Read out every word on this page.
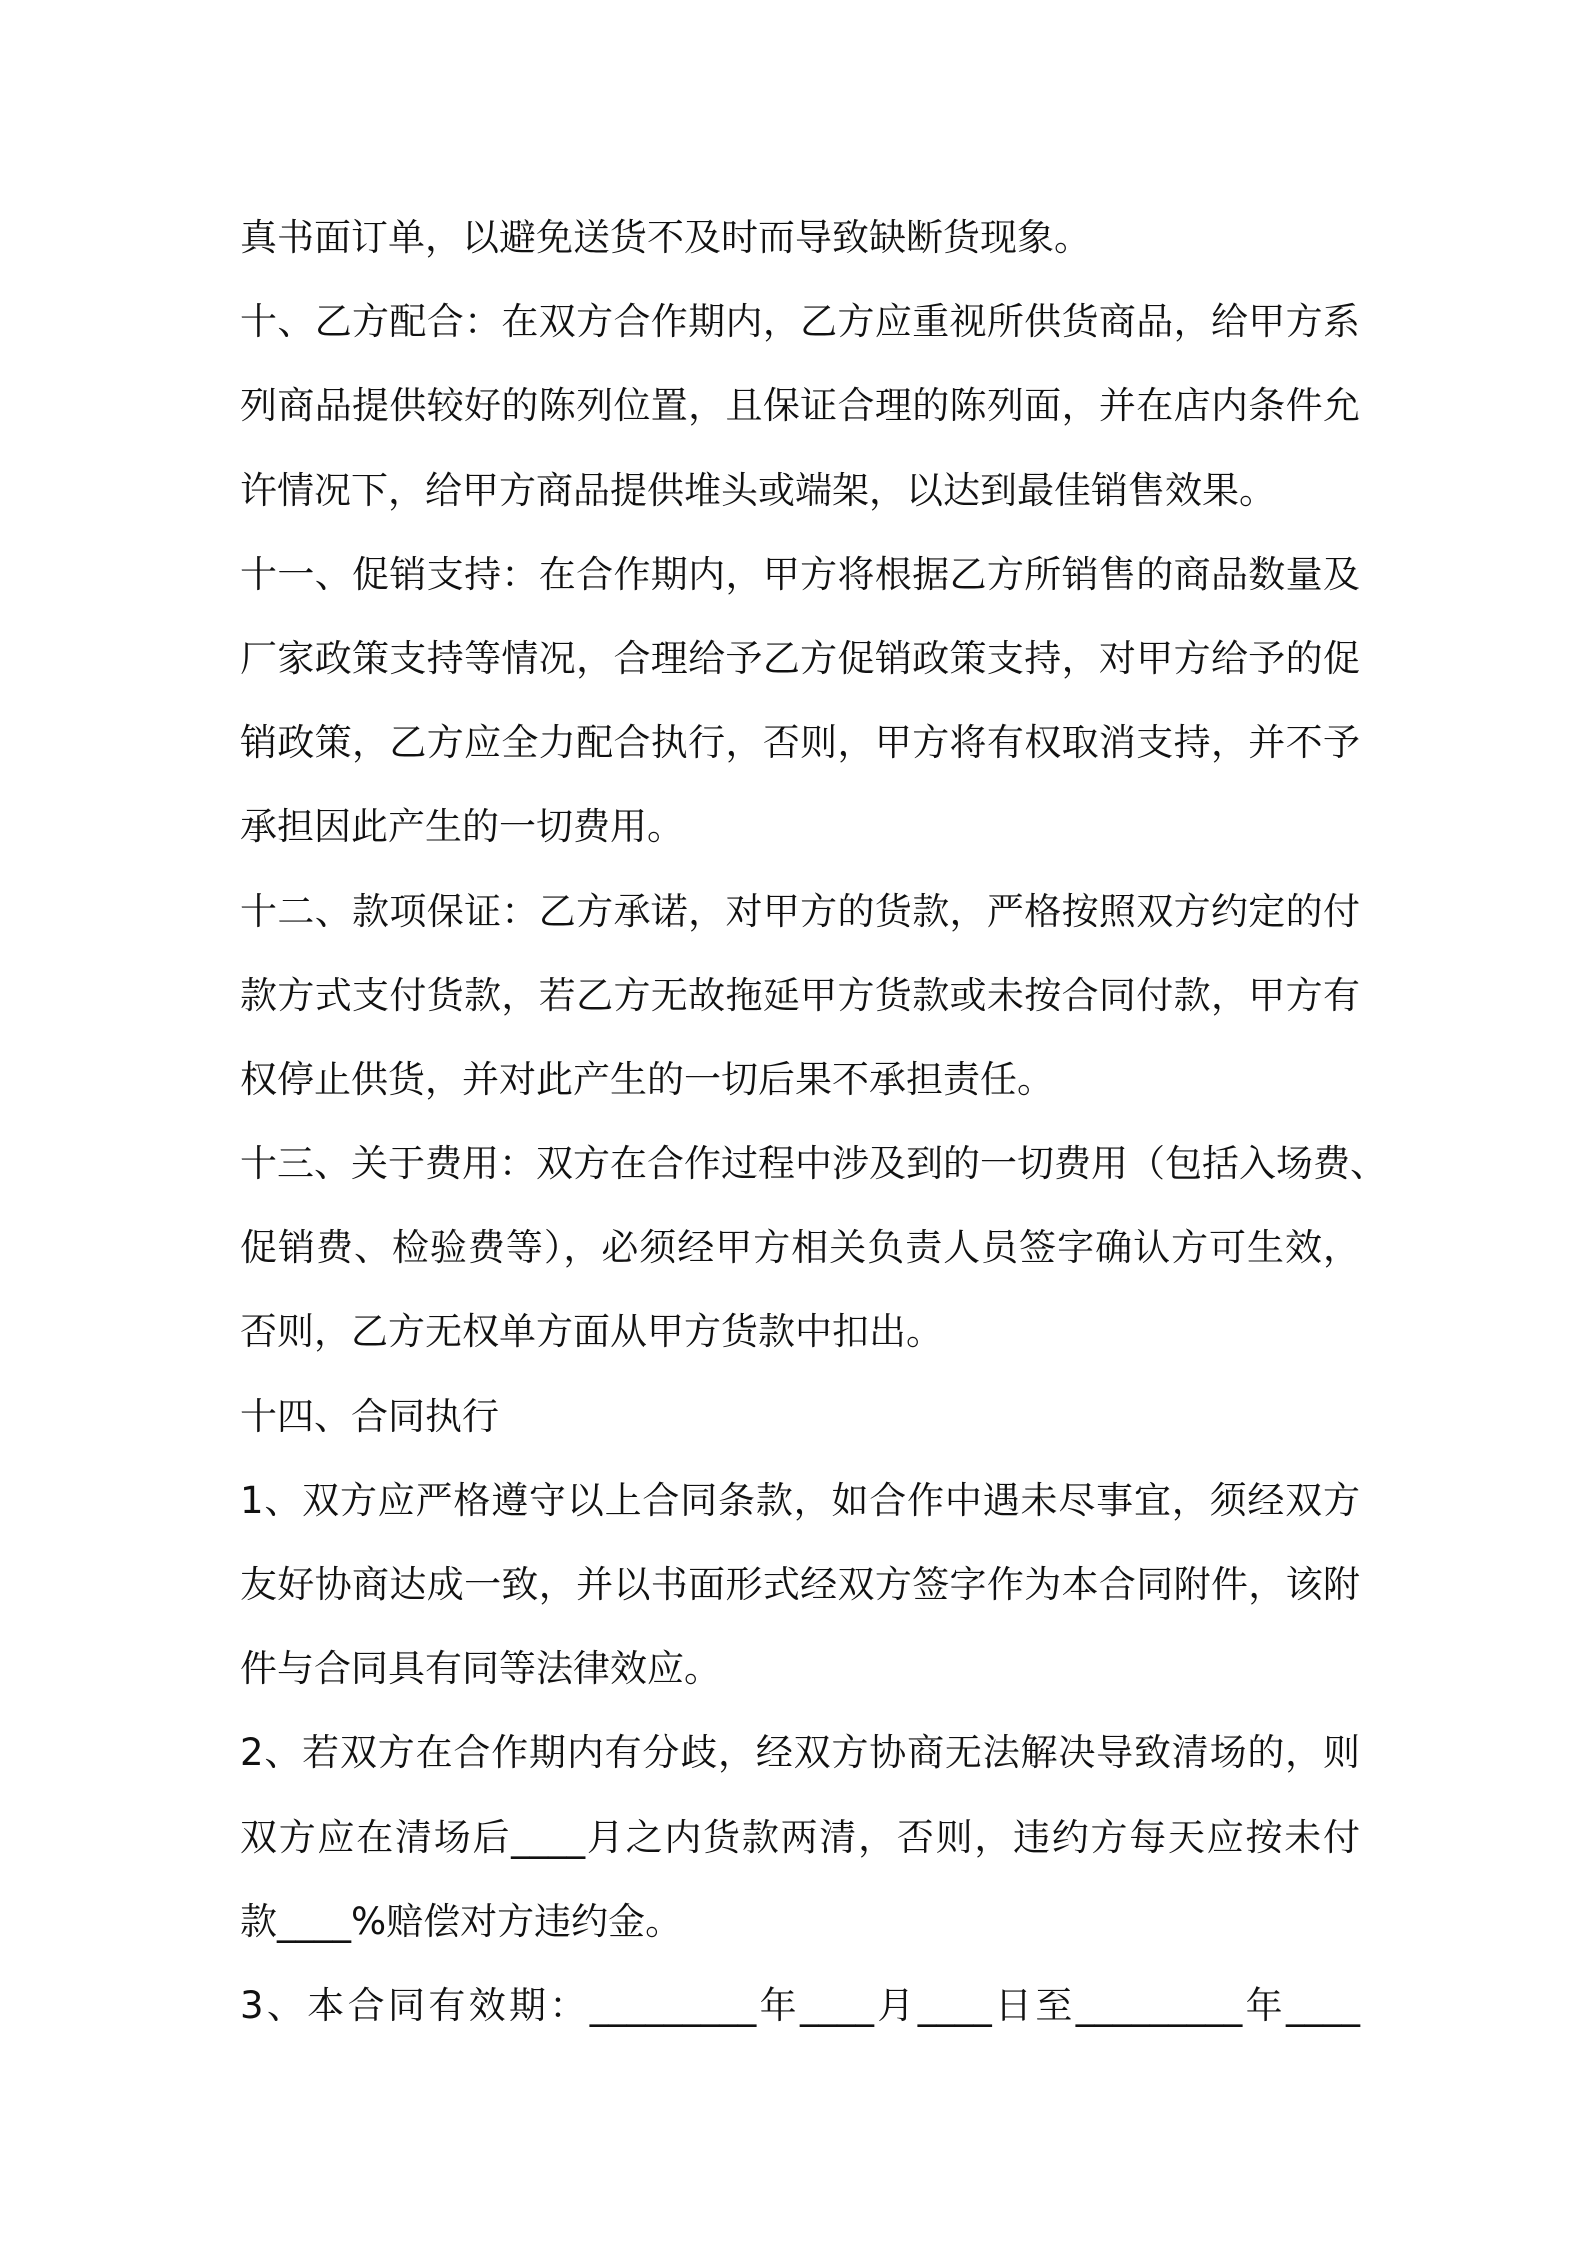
真书面订单，以避免送货不及时而导致缺断货现象。
十、乙方配合：在双方合作期内，乙方应重视所供货商品，给甲方系
列商品提供较好的陈列位置，且保证合理的陈列面，并在店内条件允
许情况下，给甲方商品提供堆头或端架，以达到最佳销售效果。
十一、促销支持：在合作期内，甲方将根据乙方所销售的商品数量及
厂家政策支持等情况，合理给予乙方促销政策支持，对甲方给予的促
销政策，乙方应全力配合执行，否则，甲方将有权取消支持，并不予
承担因此产生的一切费用。
十二、款项保证：乙方承诺，对甲方的货款，严格按照双方约定的付
款方式支付货款，若乙方无故拖延甲方货款或未按合同付款，甲方有
权停止供货，并对此产生的一切后果不承担责任。
十三、关于费用：双方在合作过程中涉及到的一切费用（包括入场费、
促销费、检验费等），必须经甲方相关负责人员签字确认方可生效，
否则，乙方无权单方面从甲方货款中扣出。
十四、合同执行
1、双方应严格遵守以上合同条款，如合作中遇未尽事宜，须经双方
友好协商达成一致，并以书面形式经双方签字作为本合同附件，该附
件与合同具有同等法律效应。
2、若双方在合作期内有分歧，经双方协商无法解决导致清场的，则
双方应在清场后____月之内货款两清，否则，违约方每天应按未付
款____%赔偿对方违约金。
3、本合同有效期：_________年____月____日至_________年____
